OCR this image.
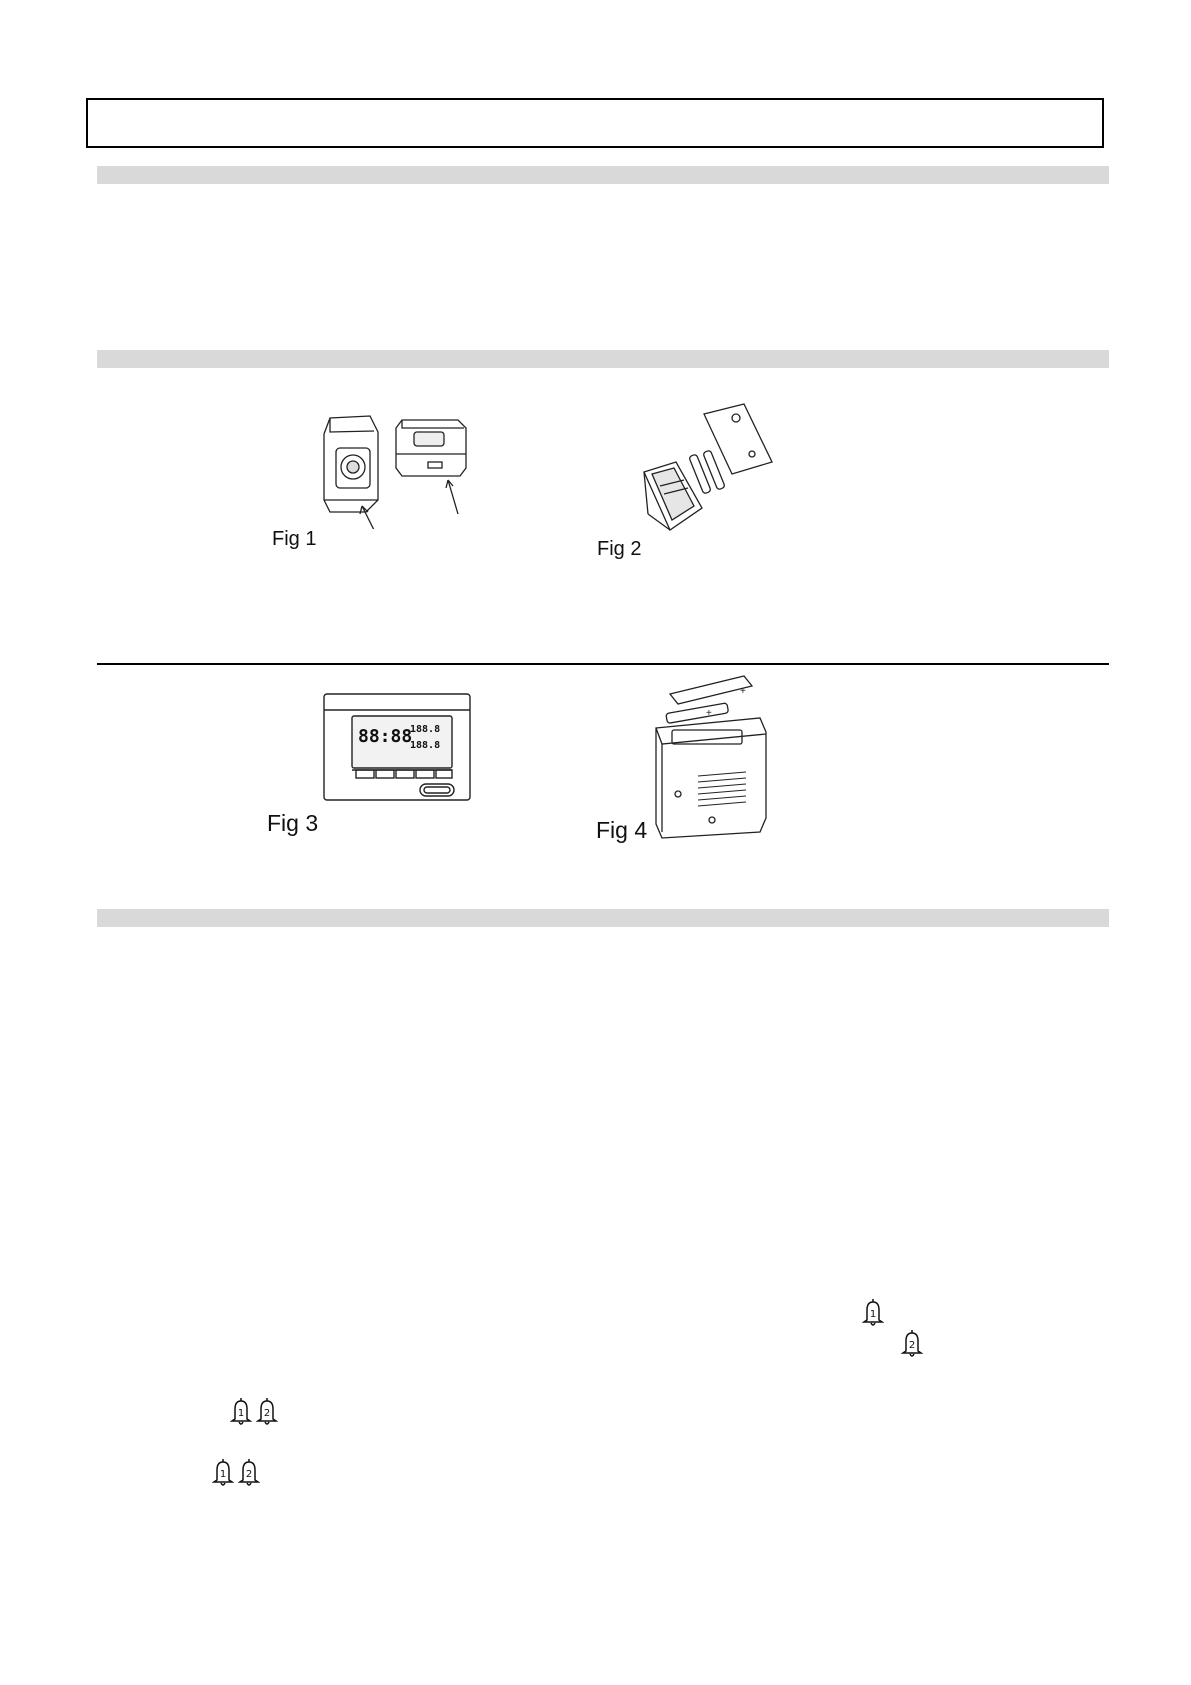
Fig 1	Fig 2
88:88
188.8
188.8
Fig 3
+
+
Fig 4
1
2
1 2
1 2
